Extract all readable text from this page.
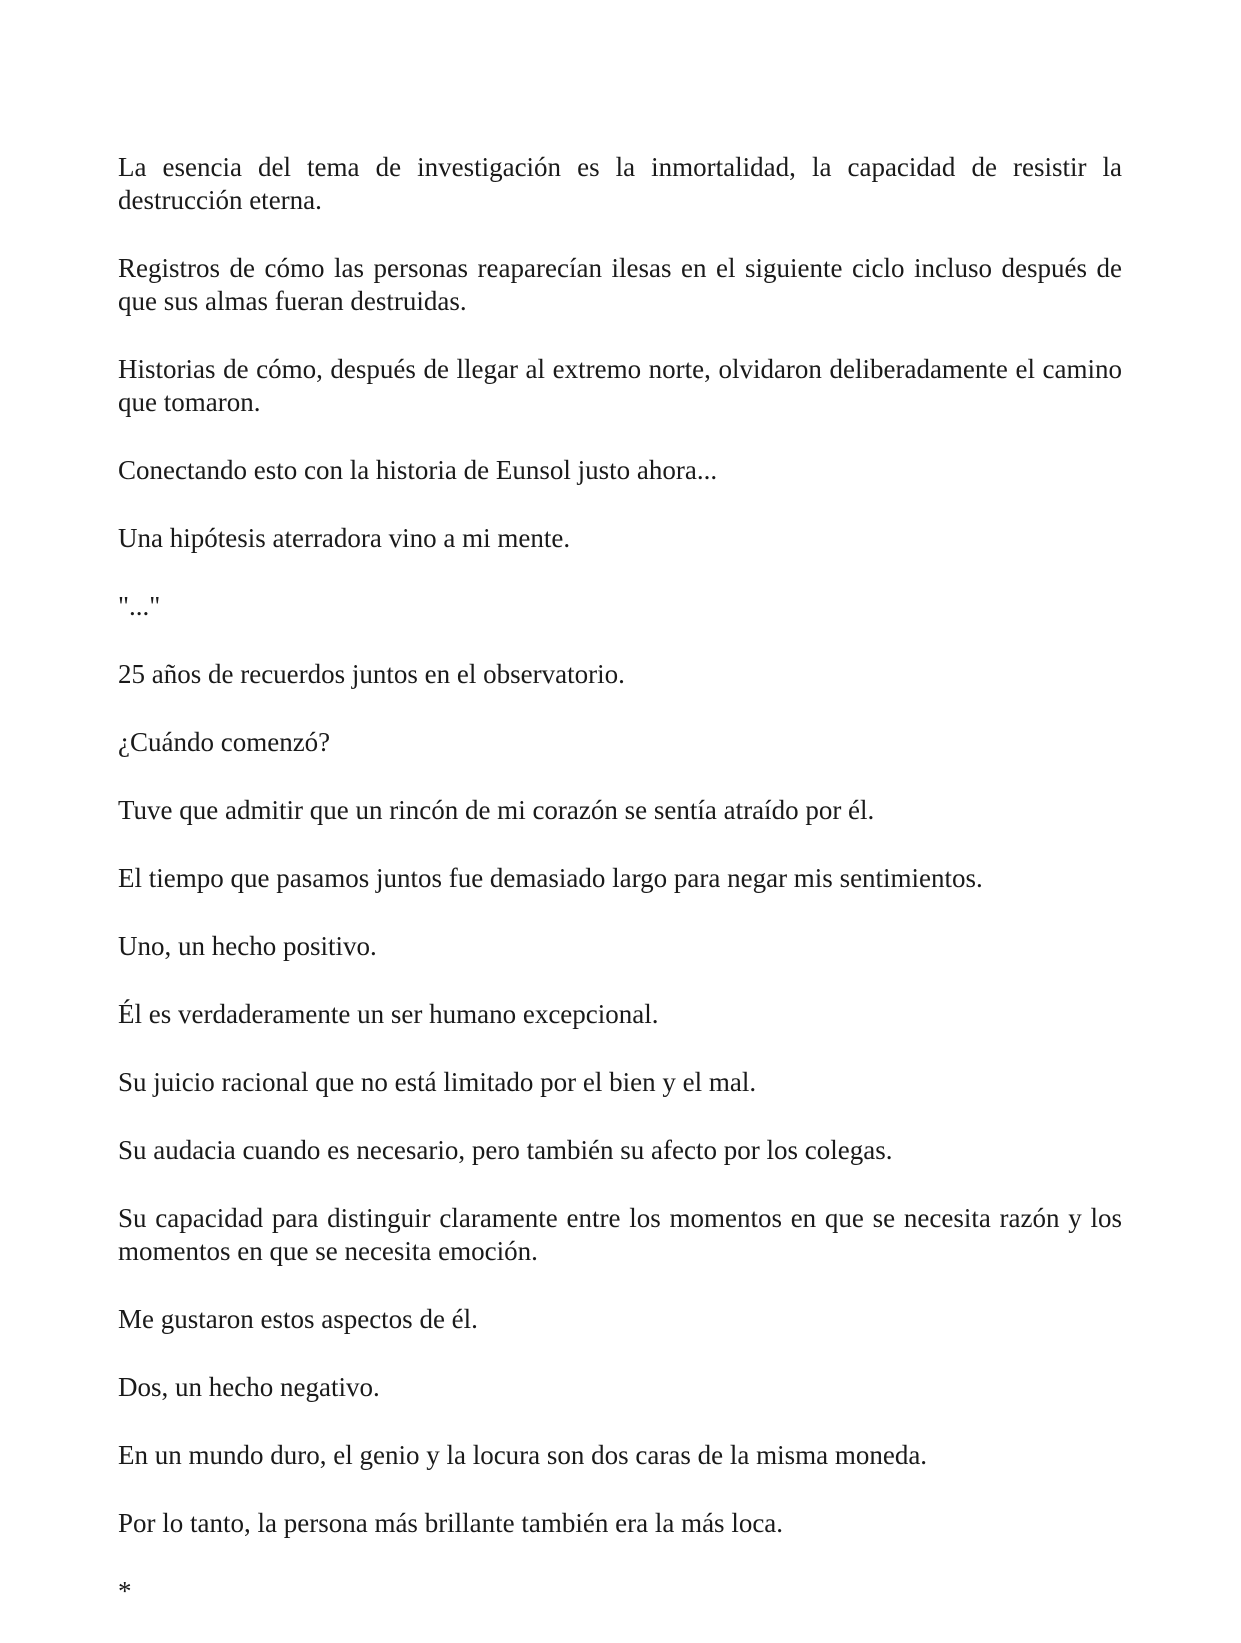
La esencia del tema de investigación es la inmortalidad, la capacidad de resistir la destrucción eterna.

Registros de cómo las personas reaparecían ilesas en el siguiente ciclo incluso después de que sus almas fueran destruidas.

Historias de cómo, después de llegar al extremo norte, olvidaron deliberadamente el camino que tomaron.

Conectando esto con la historia de Eunsol justo ahora...

Una hipótesis aterradora vino a mi mente.

"..."

25 años de recuerdos juntos en el observatorio.

¿Cuándo comenzó?

Tuve que admitir que un rincón de mi corazón se sentía atraído por él.

El tiempo que pasamos juntos fue demasiado largo para negar mis sentimientos.

Uno, un hecho positivo.

Él es verdaderamente un ser humano excepcional.

Su juicio racional que no está limitado por el bien y el mal.

Su audacia cuando es necesario, pero también su afecto por los colegas.

Su capacidad para distinguir claramente entre los momentos en que se necesita razón y los momentos en que se necesita emoción.

Me gustaron estos aspectos de él.

Dos, un hecho negativo.

En un mundo duro, el genio y la locura son dos caras de la misma moneda.

Por lo tanto, la persona más brillante también era la más loca.

*
